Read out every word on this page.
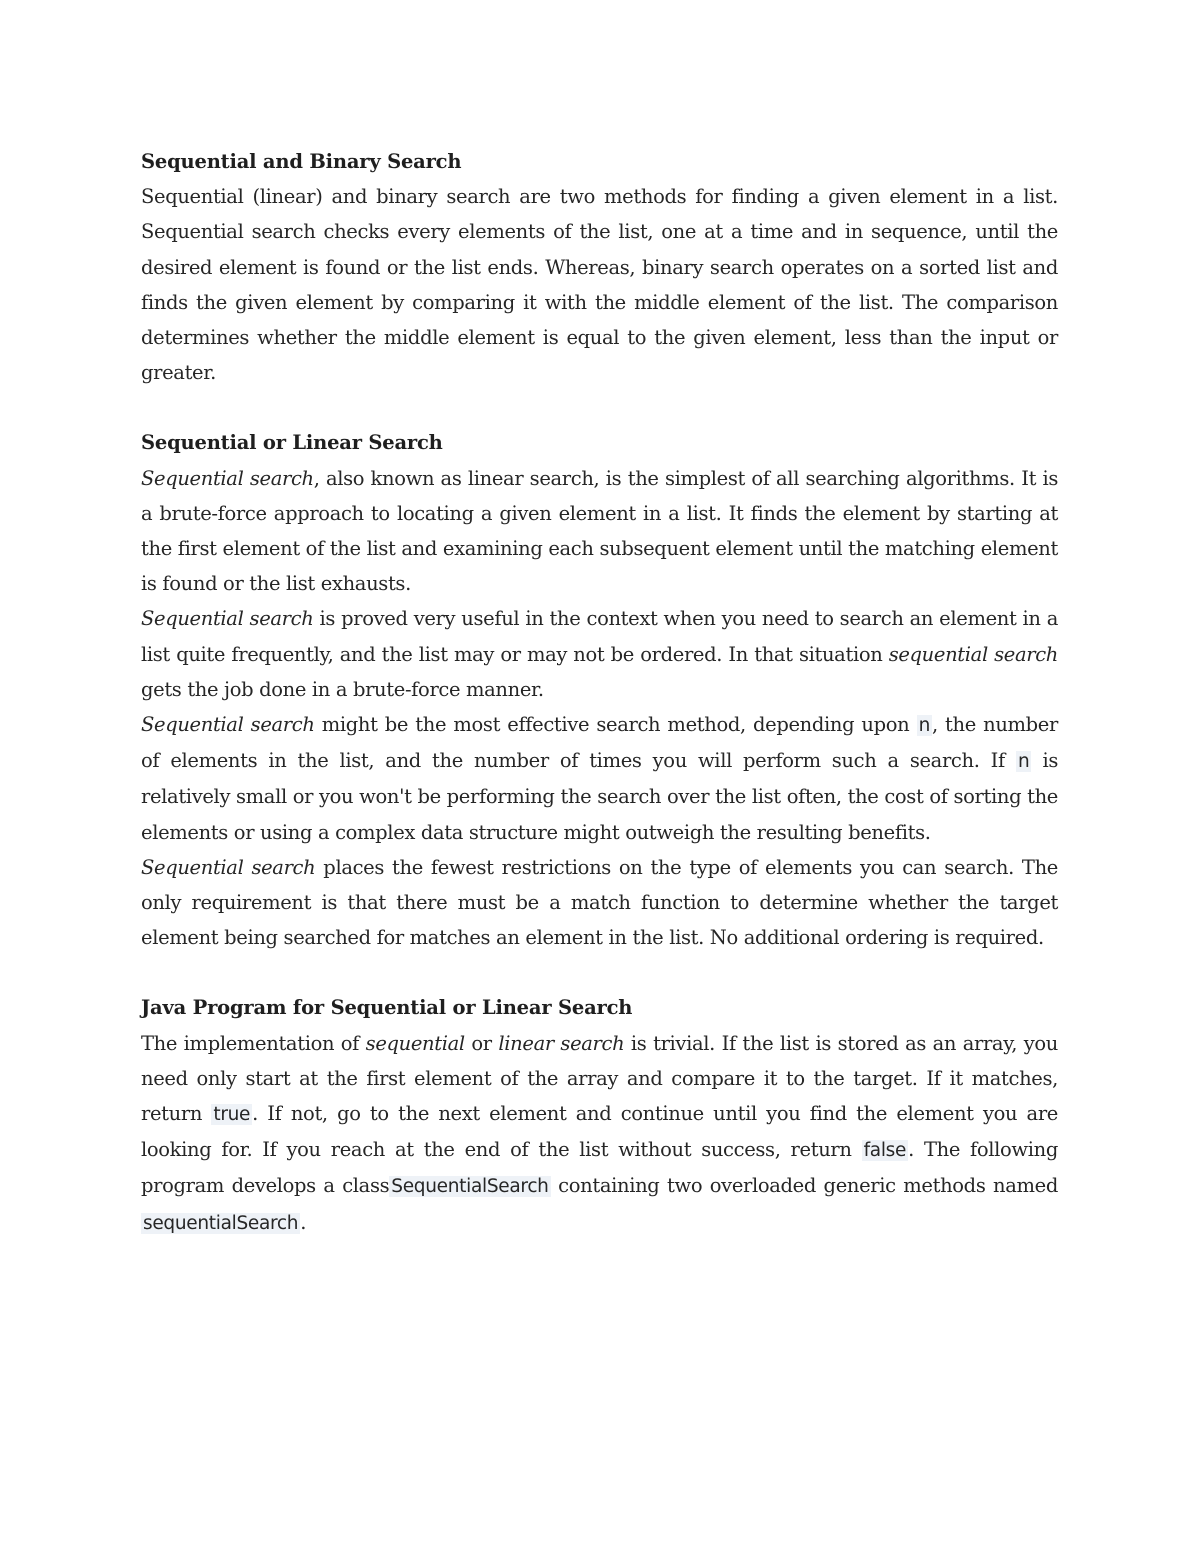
Sequential and Binary Search

Sequential (linear) and binary search are two methods for finding a given element in a list. Sequential search checks every elements of the list, one at a time and in sequence, until the desired element is found or the list ends. Whereas, binary search operates on a sorted list and finds the given element by comparing it with the middle element of the list. The comparison determines whether the middle element is equal to the given element, less than the input or greater.

Sequential or Linear Search

Sequential search, also known as linear search, is the simplest of all searching algorithms. It is a brute-force approach to locating a given element in a list. It finds the element by starting at the first element of the list and examining each subsequent element until the matching element is found or the list exhausts.

Sequential search is proved very useful in the context when you need to search an element in a list quite frequently, and the list may or may not be ordered. In that situation sequential search gets the job done in a brute-force manner.

Sequential search might be the most effective search method, depending upon n , the number of elements in the list, and the number of times you will perform such a search. If n is relatively small or you won't be performing the search over the list often, the cost of sorting the elements or using a complex data structure might outweigh the resulting benefits.

Sequential search places the fewest restrictions on the type of elements you can search. The only requirement is that there must be a match function to determine whether the target element being searched for matches an element in the list. No additional ordering is required.

Java Program for Sequential or Linear Search

The implementation of sequential or linear search is trivial. If the list is stored as an array, you need only start at the first element of the array and compare it to the target. If it matches, return true . If not, go to the next element and continue until you find the element you are looking for. If you reach at the end of the list without success, return false . The following program develops a class SequentialSearch containing two overloaded generic methods named sequentialSearch .
